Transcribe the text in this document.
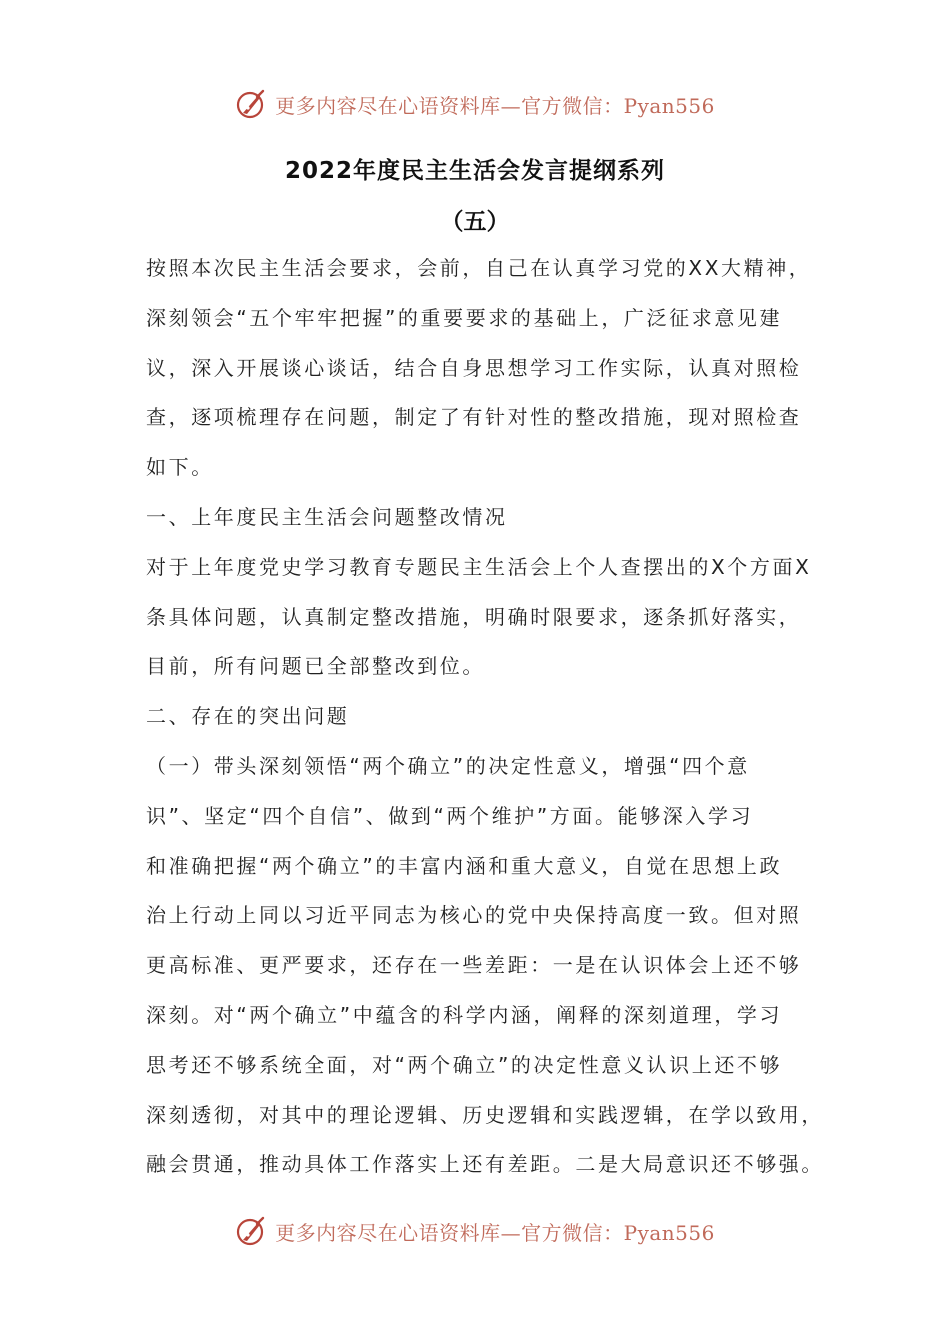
更多内容尽在心语资料库—官方微信：Pyan556
2022年度民主生活会发言提纲系列
（五）
按照本次民主生活会要求，会前，自己在认真学习党的XX大精神，
深刻领会“五个牢牢把握”的重要要求的基础上，广泛征求意见建
议，深入开展谈心谈话，结合自身思想学习工作实际，认真对照检
查，逐项梳理存在问题，制定了有针对性的整改措施，现对照检查
如下。
一、上年度民主生活会问题整改情况
对于上年度党史学习教育专题民主生活会上个人查摆出的X个方面X
条具体问题，认真制定整改措施，明确时限要求，逐条抓好落实，
目前，所有问题已全部整改到位。
二、存在的突出问题
（一）带头深刻领悟“两个确立”的决定性意义，增强“四个意
识”、坚定“四个自信”、做到“两个维护”方面。能够深入学习
和准确把握“两个确立”的丰富内涵和重大意义，自觉在思想上政
治上行动上同以习近平同志为核心的党中央保持高度一致。但对照
更高标准、更严要求，还存在一些差距：一是在认识体会上还不够
深刻。对“两个确立”中蕴含的科学内涵，阐释的深刻道理，学习
思考还不够系统全面，对“两个确立”的决定性意义认识上还不够
深刻透彻，对其中的理论逻辑、历史逻辑和实践逻辑，在学以致用，
融会贯通，推动具体工作落实上还有差距。二是大局意识还不够强。
更多内容尽在心语资料库—官方微信：Pyan556
